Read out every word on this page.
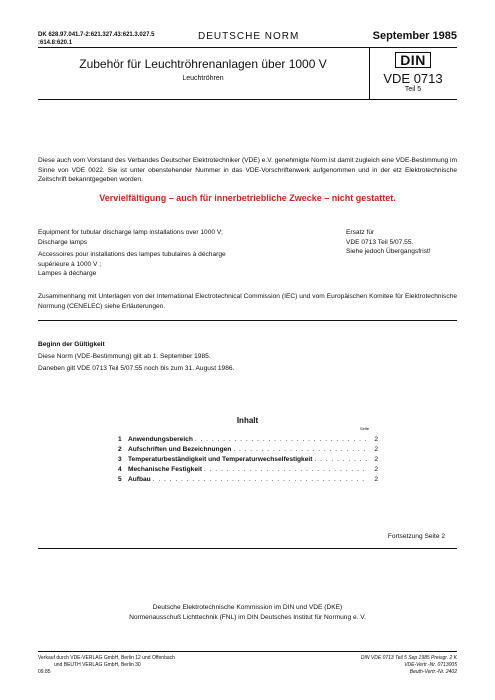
DK 628.97.041.7-2:621.327.43:621.3.027.5
:614.8:620.1
DEUTSCHE NORM	September 1985
Zubehör für Leuchtröhrenanlagen über 1000 V
Leuchtröhren
DIN
VDE 0713
Teil 5
Diese auch vom Vorstand des Verbandes Deutscher Elektrotechniker (VDE) e.V. genehmigte Norm ist damit zugleich eine VDE-Bestimmung im Sinne von VDE 0022. Sie ist unter obenstehender Nummer in das VDE-Vorschriftenwerk aufgenommen und in der etz Elektrotechnische Zeitschrift bekanntgegeben worden.
Vervielfältigung – auch für innerbetriebliche Zwecke – nicht gestattet.
Equipment for tubular discharge lamp installations over 1000 V;
Discharge lamps
Accessoires pour installations des lampes tubulaires à décharge
supérieure à 1000 V ;
Lampes à décharge
Ersatz für
VDE 0713 Teil 5/07.55.
Siehe jedoch Übergangsfrist!
Zusammenhang mit Unterlagen von der International Electrotechnical Commission (IEC) und vom Europäischen Komitee für Elektrotechnische Normung (CENELEC) siehe Erläuterungen.
Beginn der Gültigkeit
Diese Norm (VDE-Bestimmung) gilt ab 1. September 1985.
Daneben gilt VDE 0713 Teil 5/07.55 noch bis zum 31. August 1986.
Inhalt
Seite
1 Anwendungsbereich . . .	2
2 Aufschriften und Bezeichnungen . . .	2
3 Temperaturbeständigkeit und Temperaturwechselfestigkeit . . .	2
4 Mechanische Festigkeit . . .	2
5 Aufbau . . .	2
Fortsetzung Seite 2
Deutsche Elektrotechnische Kommission im DIN und VDE (DKE)
Normenausschuß Lichttechnik (FNL) im DIN Deutsches Institut für Normung e. V.
Verkauf durch VDE-VERLAG GmbH, Berlin 12 und Offenbach
und BEUTH VERLAG GmbH, Berlin 30
09.85
DIN VDE 0713 Teil 5 Sep 1985 Preisgr. 2 K
VDE-Vertr.-Nr. 0713005
Beuth-Vertr.-Nr. 2402
